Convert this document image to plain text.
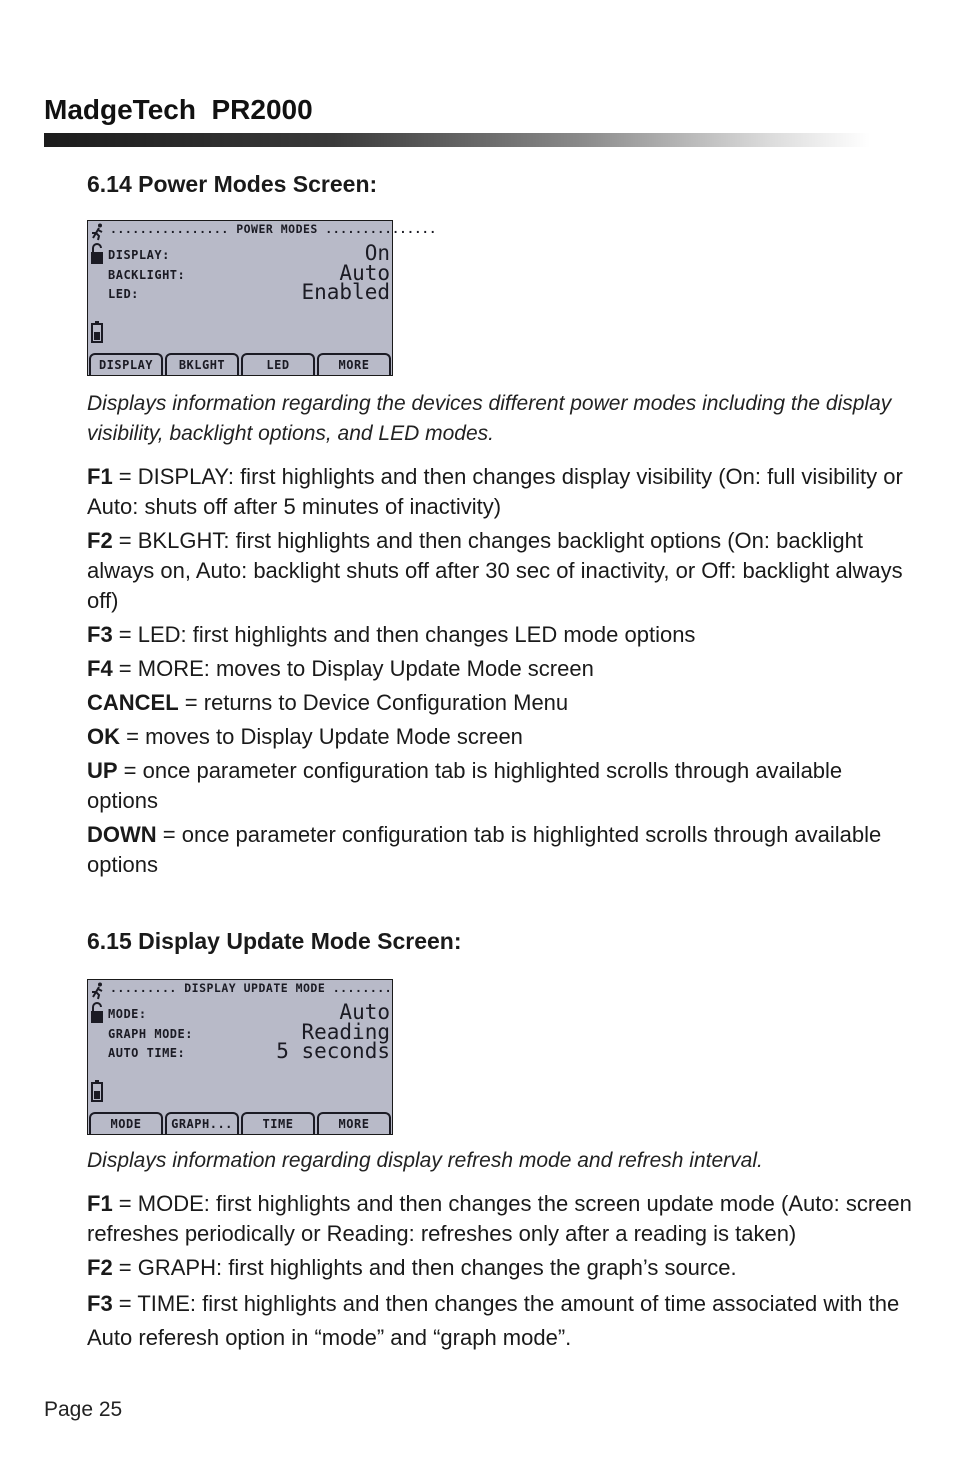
MadgeTech  PR2000
6.14 Power Modes Screen:
................ POWER MODES ...............
DISPLAY:	On
BACKLIGHT:	Auto
LED:	Enabled
DISPLAY	BKLGHT	LED	MORE
Displays information regarding the devices different power modes including the display visibility, backlight options, and LED modes.

F1 = DISPLAY: first highlights and then changes display visibility (On: full visibility or Auto: shuts off after 5 minutes of inactivity)

F2 = BKLGHT: first highlights and then changes backlight options (On: backlight always on, Auto: backlight shuts off after 30 sec of inactivity, or Off: backlight always off)

F3 = LED: first highlights and then changes LED mode options

F4 = MORE: moves to Display Update Mode screen

CANCEL = returns to Device Configuration Menu

OK = moves to Display Update Mode screen

UP = once parameter configuration tab is highlighted scrolls through available options

DOWN = once parameter configuration tab is highlighted scrolls through available options

6.15 Display Update Mode Screen:
......... DISPLAY UPDATE MODE ........
MODE:	Auto
GRAPH MODE:	Reading
AUTO TIME:	5 seconds
MODE	GRAPH...	TIME	MORE
Displays information regarding display refresh mode and refresh interval.

F1 = MODE: first highlights and then changes the screen update mode (Auto: screen refreshes periodically or Reading: refreshes only after a reading is taken)

F2 = GRAPH: first highlights and then changes the graph’s source.

F3 = TIME: first highlights and then changes the amount of time associated with the Auto referesh option in “mode” and “graph mode”.

Page 25
